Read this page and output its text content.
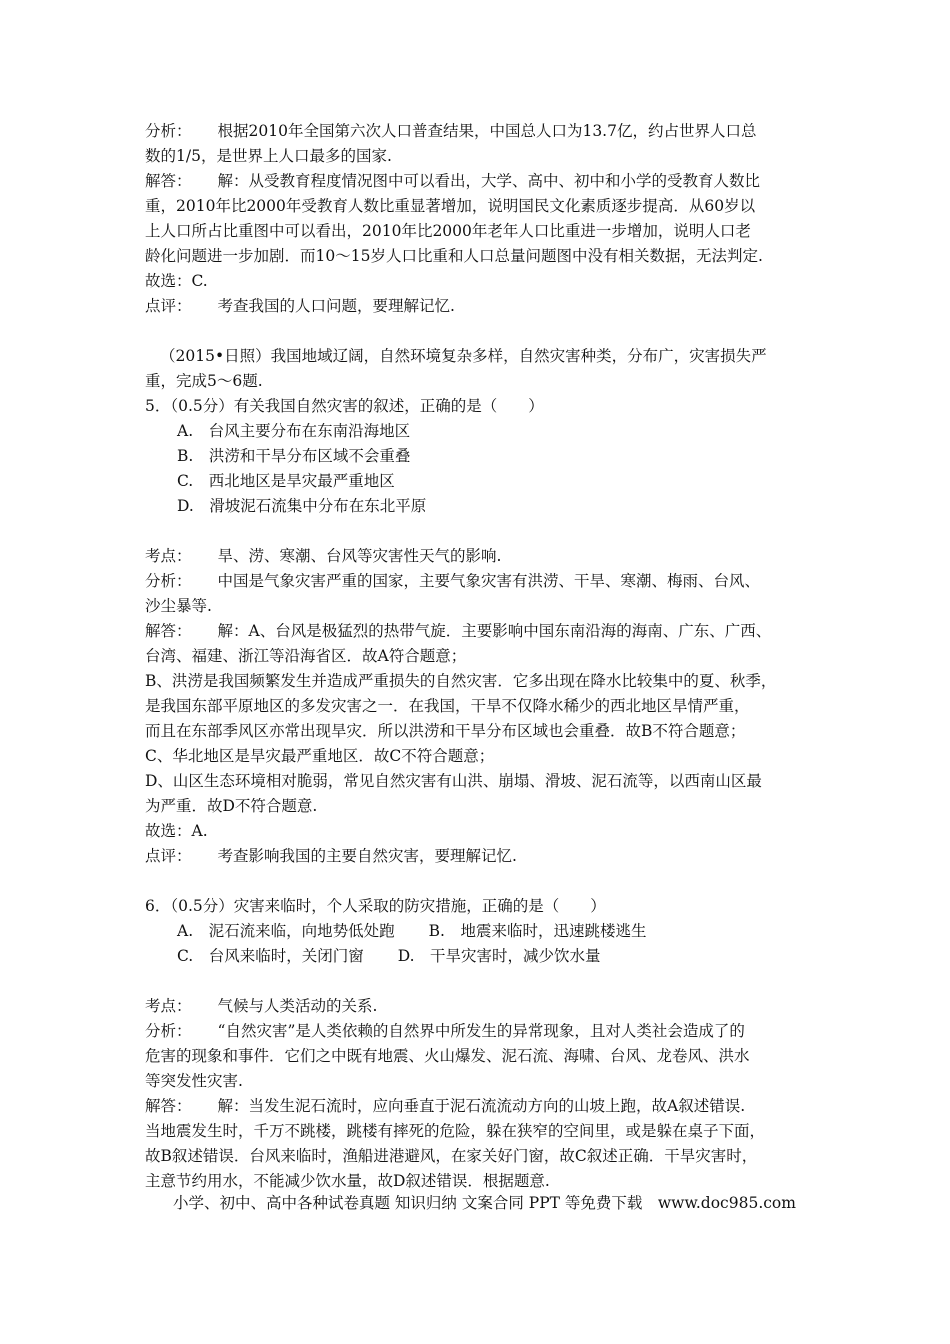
分析： 根据2010年全国第六次人口普查结果，中国总人口为13.7亿，约占世界人口总
数的1/5，是世界上人口最多的国家.
解答： 解：从受教育程度情况图中可以看出，大学、高中、初中和小学的受教育人数比
重，2010年比2000年受教育人数比重显著增加，说明国民文化素质逐步提高．从60岁以
上人口所占比重图中可以看出，2010年比2000年老年人口比重进一步增加，说明人口老
龄化问题进一步加剧．而10～15岁人口比重和人口总量问题图中没有相关数据，无法判定.
故选：C.
点评： 考查我国的人口问题，要理解记忆.
（2015•日照）我国地域辽阔，自然环境复杂多样，自然灾害种类，分布广，灾害损失严
重，完成5～6题.
5．（0.5分）有关我国自然灾害的叙述，正确的是（　　）
A.　台风主要分布在东南沿海地区
B.　洪涝和干旱分布区域不会重叠
C.　西北地区是旱灾最严重地区
D.　滑坡泥石流集中分布在东北平原
考点： 旱、涝、寒潮、台风等灾害性天气的影响.
分析： 中国是气象灾害严重的国家，主要气象灾害有洪涝、干旱、寒潮、梅雨、台风、
沙尘暴等.
解答： 解：A、台风是极猛烈的热带气旋．主要影响中国东南沿海的海南、广东、广西、
台湾、福建、浙江等沿海省区．故A符合题意；
B、洪涝是我国频繁发生并造成严重损失的自然灾害．它多出现在降水比较集中的夏、秋季，
是我国东部平原地区的多发灾害之一．在我国，干旱不仅降水稀少的西北地区旱情严重，
而且在东部季风区亦常出现旱灾．所以洪涝和干旱分布区域也会重叠．故B不符合题意；
C、华北地区是旱灾最严重地区．故C不符合题意；
D、山区生态环境相对脆弱，常见自然灾害有山洪、崩塌、滑坡、泥石流等，以西南山区最
为严重．故D不符合题意.
故选：A.
点评： 考查影响我国的主要自然灾害，要理解记忆.
6．（0.5分）灾害来临时，个人采取的防灾措施，正确的是（　　）
A.　泥石流来临，向地势低处跑 B.　地震来临时，迅速跳楼逃生
C.　台风来临时，关闭门窗 D.　干旱灾害时，减少饮水量
考点： 气候与人类活动的关系.
分析： “自然灾害”是人类依赖的自然界中所发生的异常现象，且对人类社会造成了的
危害的现象和事件．它们之中既有地震、火山爆发、泥石流、海啸、台风、龙卷风、洪水
等突发性灾害.
解答： 解：当发生泥石流时，应向垂直于泥石流流动方向的山坡上跑，故A叙述错误.
当地震发生时，千万不跳楼，跳楼有摔死的危险，躲在狭窄的空间里，或是躲在桌子下面，
故B叙述错误．台风来临时，渔船进港避风，在家关好门窗，故C叙述正确．干旱灾害时，
主意节约用水，不能减少饮水量，故D叙述错误．根据题意.
小学、初中、高中各种试卷真题 知识归纳 文案合同 PPT 等免费下载　www.doc985.com
